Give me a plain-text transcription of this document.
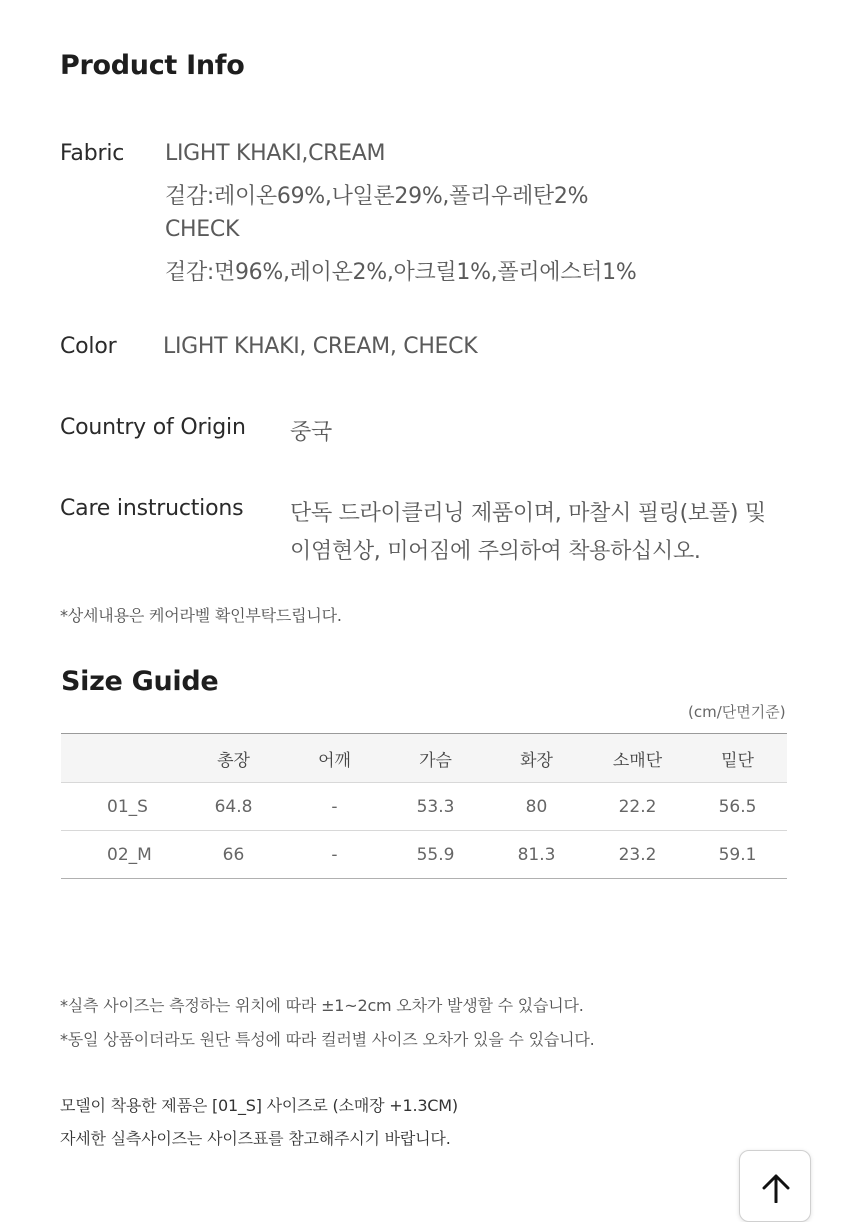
Product Info
Fabric LIGHT KHAKI,CREAM
겉감:레이온69%,나일론29%,폴리우레탄2%
CHECK
겉감:면96%,레이온2%,아크릴1%,폴리에스터1%
Color LIGHT KHAKI, CREAM, CHECK
Country of Origin 중국
Care instructions 단독 드라이클리닝 제품이며, 마찰시 필링(보풀) 및
이염현상, 미어짐에 주의하여 착용하십시오.
*상세내용은 케어라벨 확인부탁드립니다.
Size Guide
(cm/단면기준)
	총장	어깨	가슴	화장	소매단	밑단
01_S	64.8	-	53.3	80	22.2	56.5
02_M	66	-	55.9	81.3	23.2	59.1
*실측 사이즈는 측정하는 위치에 따라 ±1~2cm 오차가 발생할 수 있습니다.
*동일 상품이더라도 원단 특성에 따라 컬러별 사이즈 오차가 있을 수 있습니다.
모델이 착용한 제품은 [01_S] 사이즈로 (소매장 +1.3CM)
자세한 실측사이즈는 사이즈표를 참고해주시기 바랍니다.
